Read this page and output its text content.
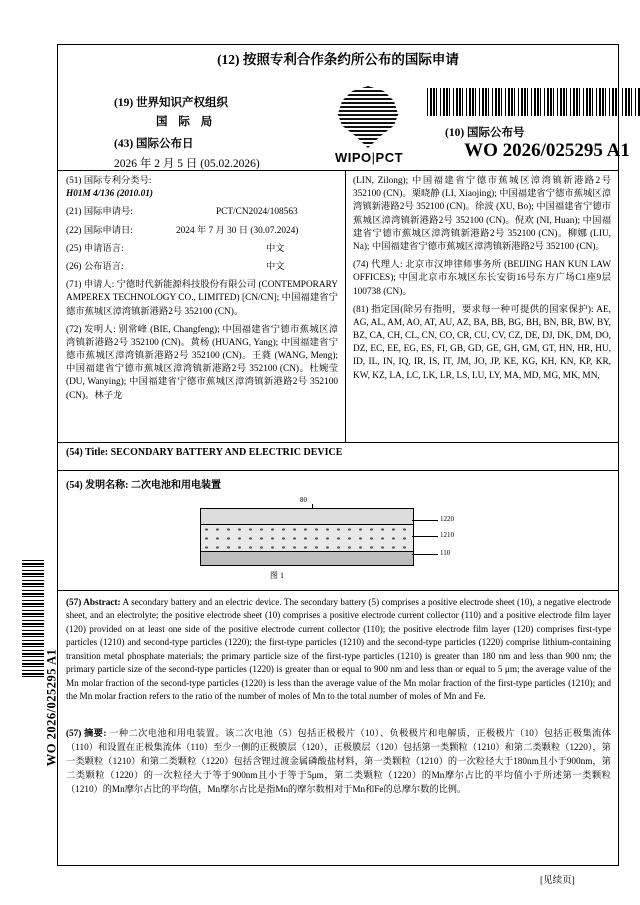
WO 2026/025295 A1
(12) 按照专利合作条约所公布的国际申请
(19) 世界知识产权组织
国 际 局
(43) 国际公布日
2026 年 2 月 5 日 (05.02.2026)	WIPO|PCT
(10) 国际公布号
WO 2026/025295 A1
(51) 国际专利分类号:
H01M 4/136 (2010.01)
(21) 国际申请号:	PCT/CN2024/108563
(22) 国际申请日:	2024 年 7 月 30 日 (30.07.2024)
(25) 申请语言:	中文
(26) 公布语言:	中文
(71) 申请人: 宁德时代新能源科技股份有限公司 (CONTEMPORARY AMPEREX TECHNOLOGY CO., LIMITED) [CN/CN]; 中国福建省宁德市蕉城区漳湾镇新港路2号 352100 (CN)。
(72) 发明人: 别常峰 (BIE, Changfeng); 中国福建省宁德市蕉城区漳湾镇新港路2号 352100 (CN)。黄杨 (HUANG, Yang); 中国福建省宁德市蕉城区漳湾镇新港路2号 352100 (CN)。王蕤 (WANG, Meng); 中国福建省宁德市蕉城区漳湾镇新港路2号 352100 (CN)。杜婉莹 (DU, Wanying); 中国福建省宁德市蕉城区漳湾镇新港路2号 352100 (CN)。林子龙
(LIN, Zilong); 中国福建省宁德市蕉城区漳湾镇新港路2号 352100 (CN)。栗晓静 (LI, Xiaojing); 中国福建省宁德市蕉城区漳湾镇新港路2号 352100 (CN)。徐波 (XU, Bo); 中国福建省宁德市蕉城区漳湾镇新港路2号 352100 (CN)。倪欢 (NI, Huan); 中国福建省宁德市蕉城区漳湾镇新港路2号 352100 (CN)。柳娜 (LIU, Na); 中国福建省宁德市蕉城区漳湾镇新港路2号 352100 (CN)。
(74) 代理人: 北京市汉坤律师事务所 (BEIJING HAN KUN LAW OFFICES); 中国北京市东城区东长安街16号东方广场C1座9层 100738 (CN)。
(81) 指定国(除另有指明，要求每一种可提供的国家保护): AE, AG, AL, AM, AO, AT, AU, AZ, BA, BB, BG, BH, BN, BR, BW, BY, BZ, CA, CH, CL, CN, CO, CR, CU, CV, CZ, DE, DJ, DK, DM, DO, DZ, EC, EE, EG, ES, FI, GB, GD, GE, GH, GM, GT, HN, HR, HU, ID, IL, IN, IQ, IR, IS, IT, JM, JO, JP, KE, KG, KH, KN, KP, KR, KW, KZ, LA, LC, LK, LR, LS, LU, LY, MA, MD, MG, MK, MN,
(54) Title: SECONDARY BATTERY AND ELECTRIC DEVICE
(54) 发明名称: 二次电池和用电装置
80
1220
1210
110
图 1
(57) Abstract: A secondary battery and an electric device. The secondary battery (5) comprises a positive electrode sheet (10), a negative electrode sheet, and an electrolyte; the positive electrode sheet (10) comprises a positive electrode current collector (110) and a positive electrode film layer (120) provided on at least one side of the positive electrode current collector (110); the positive electrode film layer (120) comprises first-type particles (1210) and second-type particles (1220); the first-type particles (1210) and the second-type particles (1220) comprise lithium-containing transition metal phosphate materials; the primary particle size of the first-type particles (1210) is greater than 180 nm and less than 900 nm; the primary particle size of the second-type particles (1220) is greater than or equal to 900 nm and less than or equal to 5 μm; the average value of the Mn molar fraction of the second-type particles (1220) is less than the average value of the Mn molar fraction of the first-type particles (1210); and the Mn molar fraction refers to the ratio of the number of moles of Mn to the total number of moles of Mn and Fe.
(57) 摘要: 一种二次电池和用电装置。该二次电池（5）包括正极极片（10）、负极极片和电解质，正极极片（10）包括正极集流体（110）和设置在正极集流体（110）至少一侧的正极膜层（120），正极膜层（120）包括第一类颗粒（1210）和第二类颗粒（1220），第一类颗粒（1210）和第二类颗粒（1220）包括含锂过渡金属磷酸盐材料，第一类颗粒（1210）的一次粒径大于180nm且小于900nm，第二类颗粒（1220）的一次粒径大于等于900nm且小于等于5μm，第二类颗粒（1220）的Mn摩尔占比的平均值小于所述第一类颗粒（1210）的Mn摩尔占比的平均值，Mn摩尔占比是指Mn的摩尔数相对于Mn和Fe的总摩尔数的比例。
[见续页]
